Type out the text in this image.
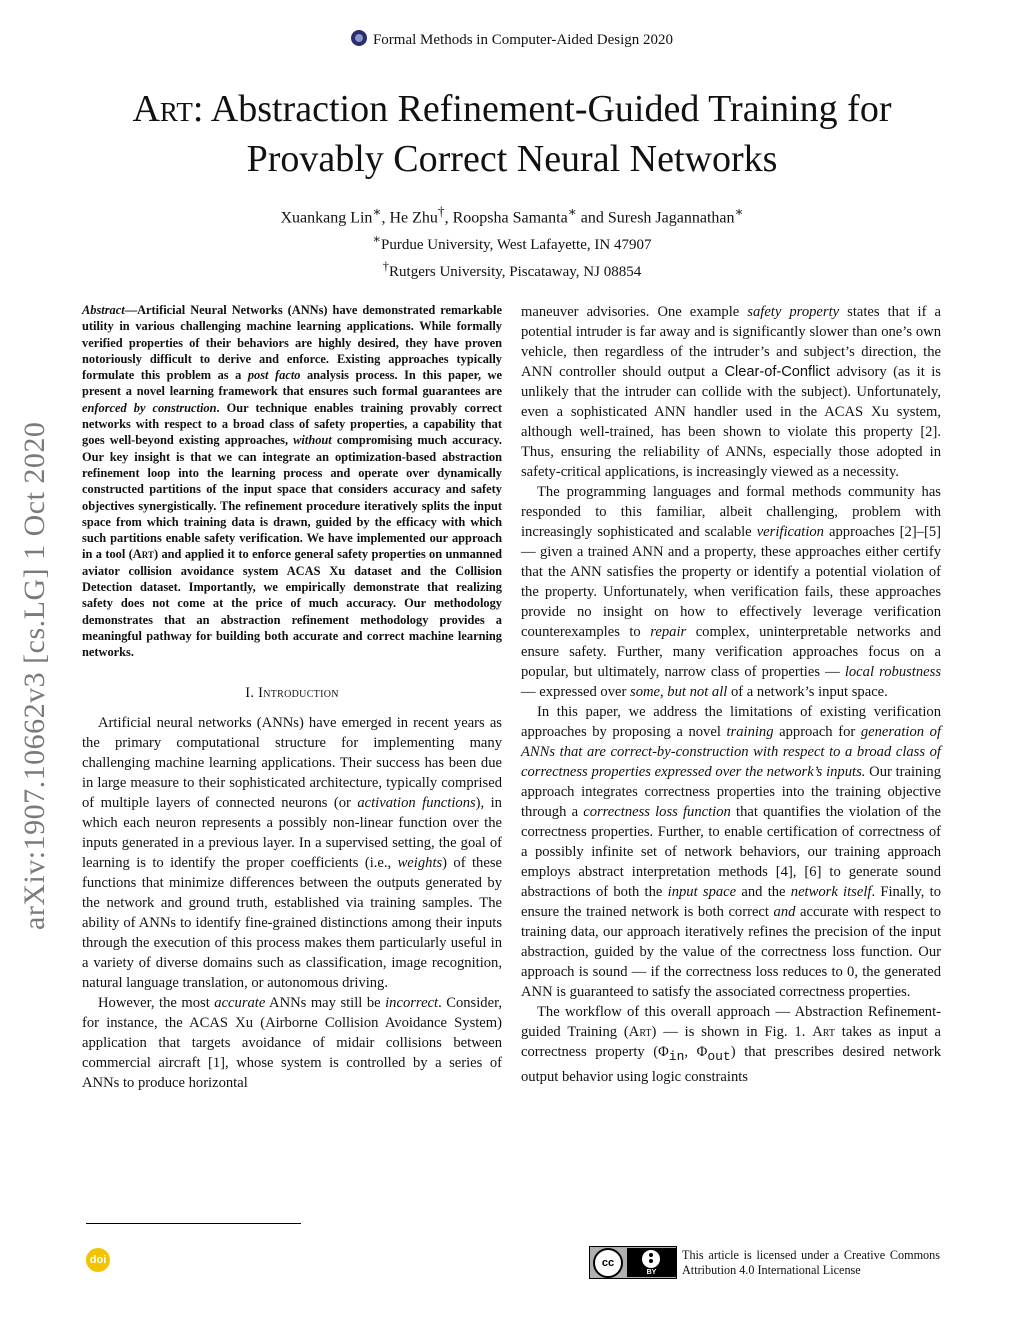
Formal Methods in Computer-Aided Design 2020
Art: Abstraction Refinement-Guided Training for
Provably Correct Neural Networks
Xuankang Lin∗, He Zhu†, Roopsha Samanta∗ and Suresh Jagannathan∗
∗Purdue University, West Lafayette, IN 47907
†Rutgers University, Piscataway, NJ 08854
arXiv:1907.10662v3 [cs.LG] 1 Oct 2020
Abstract—Artificial Neural Networks (ANNs) have demonstrated remarkable utility in various challenging machine learning applications. While formally verified properties of their behaviors are highly desired, they have proven notoriously difficult to derive and enforce. Existing approaches typically formulate this problem as a post facto analysis process. In this paper, we present a novel learning framework that ensures such formal guarantees are enforced by construction. Our technique enables training provably correct networks with respect to a broad class of safety properties, a capability that goes well-beyond existing approaches, without compromising much accuracy. Our key insight is that we can integrate an optimization-based abstraction refinement loop into the learning process and operate over dynamically constructed partitions of the input space that considers accuracy and safety objectives synergistically. The refinement procedure iteratively splits the input space from which training data is drawn, guided by the efficacy with which such partitions enable safety verification. We have implemented our approach in a tool (Art) and applied it to enforce general safety properties on unmanned aviator collision avoidance system ACAS Xu dataset and the Collision Detection dataset. Importantly, we empirically demonstrate that realizing safety does not come at the price of much accuracy. Our methodology demonstrates that an abstraction refinement methodology provides a meaningful pathway for building both accurate and correct machine learning networks.
I. Introduction

Artificial neural networks (ANNs) have emerged in recent years as the primary computational structure for implementing many challenging machine learning applications. Their success has been due in large measure to their sophisticated architecture, typically comprised of multiple layers of connected neurons (or activation functions), in which each neuron represents a possibly non-linear function over the inputs generated in a previous layer. In a supervised setting, the goal of learning is to identify the proper coefficients (i.e., weights) of these functions that minimize differences between the outputs generated by the network and ground truth, established via training samples. The ability of ANNs to identify fine-grained distinctions among their inputs through the execution of this process makes them particularly useful in a variety of diverse domains such as classification, image recognition, natural language translation, or autonomous driving.

However, the most accurate ANNs may still be incorrect. Consider, for instance, the ACAS Xu (Airborne Collision Avoidance System) application that targets avoidance of midair collisions between commercial aircraft [1], whose system is controlled by a series of ANNs to produce horizontal

maneuver advisories. One example safety property states that if a potential intruder is far away and is significantly slower than one’s own vehicle, then regardless of the intruder’s and subject’s direction, the ANN controller should output a Clear-of-Conflict advisory (as it is unlikely that the intruder can collide with the subject). Unfortunately, even a sophisticated ANN handler used in the ACAS Xu system, although well-trained, has been shown to violate this property [2]. Thus, ensuring the reliability of ANNs, especially those adopted in safety-critical applications, is increasingly viewed as a necessity.

The programming languages and formal methods community has responded to this familiar, albeit challenging, problem with increasingly sophisticated and scalable verification approaches [2]–[5] — given a trained ANN and a property, these approaches either certify that the ANN satisfies the property or identify a potential violation of the property. Unfortunately, when verification fails, these approaches provide no insight on how to effectively leverage verification counterexamples to repair complex, uninterpretable networks and ensure safety. Further, many verification approaches focus on a popular, but ultimately, narrow class of properties — local robustness — expressed over some, but not all of a network’s input space.

In this paper, we address the limitations of existing verification approaches by proposing a novel training approach for generation of ANNs that are correct-by-construction with respect to a broad class of correctness properties expressed over the network’s inputs. Our training approach integrates correctness properties into the training objective through a correctness loss function that quantifies the violation of the correctness properties. Further, to enable certification of correctness of a possibly infinite set of network behaviors, our training approach employs abstract interpretation methods [4], [6] to generate sound abstractions of both the input space and the network itself. Finally, to ensure the trained network is both correct and accurate with respect to training data, our approach iteratively refines the precision of the input abstraction, guided by the value of the correctness loss function. Our approach is sound — if the correctness loss reduces to 0, the generated ANN is guaranteed to satisfy the associated correctness properties.

The workflow of this overall approach — Abstraction Refinement-guided Training (Art) — is shown in Fig. 1. Art takes as input a correctness property ($\Phi_{in}$, $\Phi_{out}$) that prescribes desired network output behavior using logic constraints

doi	cc
BY
This article is licensed under a Creative Commons Attribution 4.0 International License
